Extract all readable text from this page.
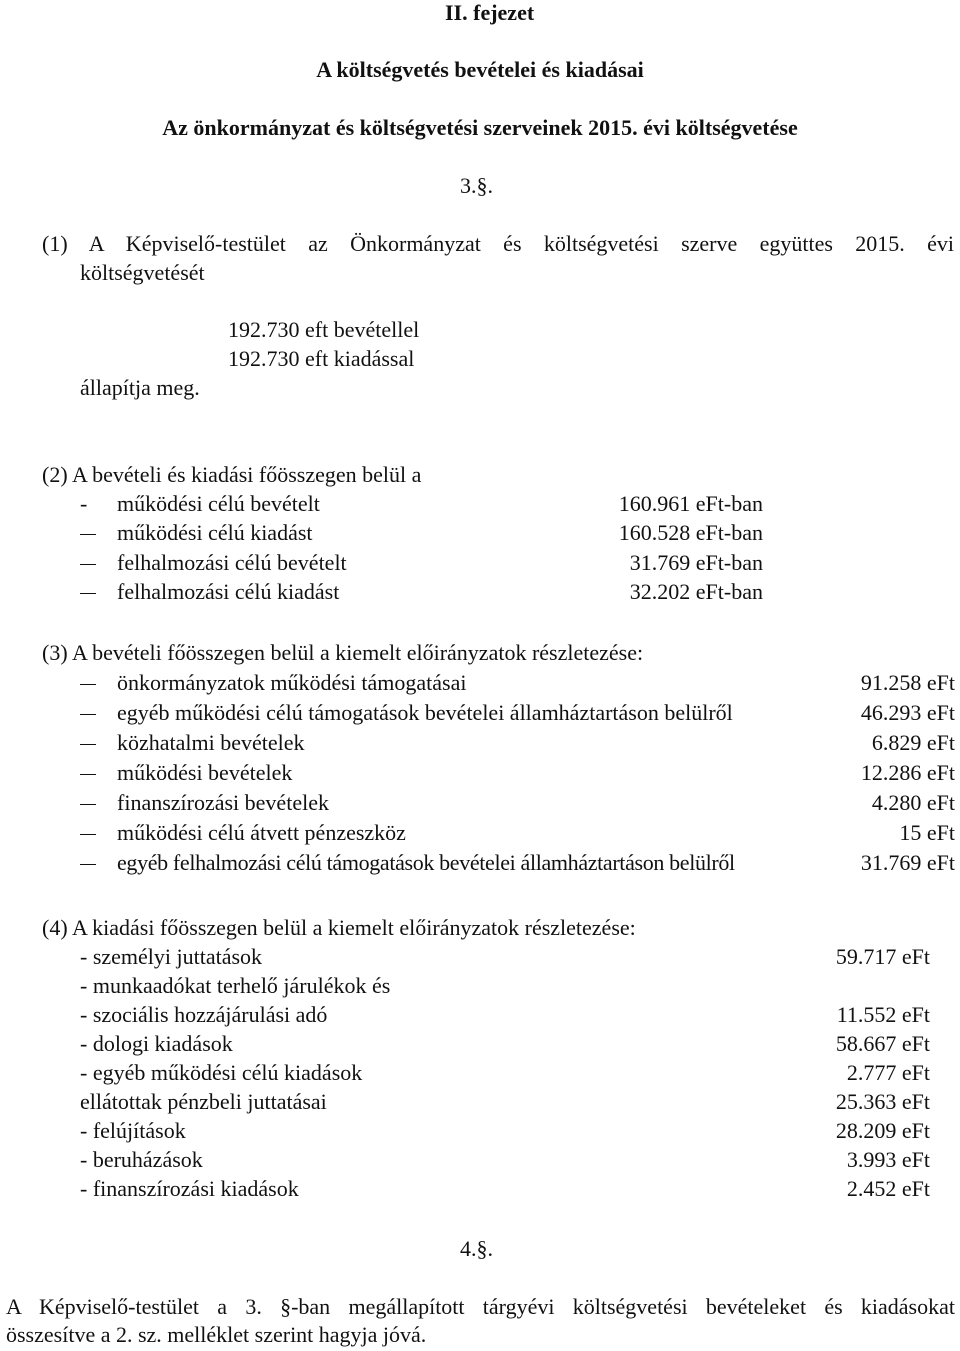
II. fejezet
A költségvetés bevételei és kiadásai
Az önkormányzat és költségvetési szerveinek 2015. évi költségvetése
3.§.
(1) A Képviselő-testület az Önkormányzat és költségvetési szerve együttes 2015. évi
költségvetését
192.730 eft bevétellel
192.730 eft kiadással
állapítja meg.
(2) A bevételi és kiadási főösszegen belül a
- működési célú bevételt	160.961 eFt-ban
működési célú kiadást	160.528 eFt-ban
felhalmozási célú bevételt	31.769 eFt-ban
felhalmozási célú kiadást	32.202 eFt-ban
(3) A bevételi főösszegen belül a kiemelt előirányzatok részletezése:
önkormányzatok működési támogatásai	91.258 eFt
egyéb működési célú támogatások bevételei államháztartáson belülről	46.293 eFt
közhatalmi bevételek	6.829 eFt
működési bevételek	12.286 eFt
finanszírozási bevételek	4.280 eFt
működési célú átvett pénzeszköz	15 eFt
egyéb felhalmozási célú támogatások bevételei államháztartáson belülről	31.769 eFt
(4) A kiadási főösszegen belül a kiemelt előirányzatok részletezése:
- személyi juttatások	59.717 eFt
- munkaadókat terhelő járulékok és
- szociális hozzájárulási adó	11.552 eFt
- dologi kiadások	58.667 eFt
- egyéb működési célú kiadások	2.777 eFt
ellátottak pénzbeli juttatásai	25.363 eFt
- felújítások	28.209 eFt
- beruházások	3.993 eFt
- finanszírozási kiadások	2.452 eFt
4.§.
A Képviselő-testület a 3. §-ban megállapított tárgyévi költségvetési bevételeket és kiadásokat
összesítve a 2. sz. melléklet szerint hagyja jóvá.
